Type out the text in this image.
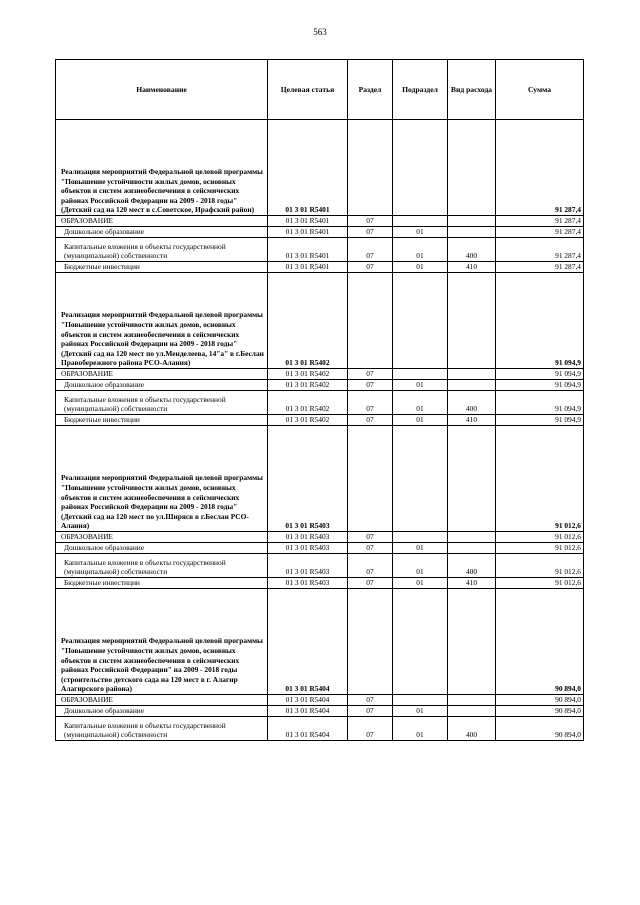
563
Наименование	Целевая статья	Раздел	Подраздел	Вид расхода	Сумма
Реализация мероприятий Федеральной целевой программы "Повышение устойчивости жилых домов, основных объектов и систем жизнеобеспечения в сейсмических районах Российской Федерации на 2009 - 2018 годы" (Детский сад на 120 мест в с.Советское, Ирафский район)	01 3 01 R5401				91 287,4
ОБРАЗОВАНИЕ	01 3 01 R5401	07			91 287,4
Дошкольное образование	01 3 01 R5401	07	01		91 287,4
Капитальные вложения в объекты государственной (муниципальной) собственности	01 3 01 R5401	07	01	400	91 287,4
Бюджетные инвестиции	01 3 01 R5401	07	01	410	91 287,4
Реализация мероприятий Федеральной целевой программы "Повышение устойчивости жилых домов, основных объектов и систем жизнеобеспечения в сейсмических районах Российской Федерации на 2009 - 2018 годы" (Детский сад на 120 мест по ул.Менделеева, 14"а" в г.Беслан Правобережного района РСО-Алания)	01 3 01 R5402				91 094,9
ОБРАЗОВАНИЕ	01 3 01 R5402	07			91 094,9
Дошкольное образование	01 3 01 R5402	07	01		91 094,9
Капитальные вложения в объекты государственной (муниципальной) собственности	01 3 01 R5402	07	01	400	91 094,9
Бюджетные инвестиции	01 3 01 R5402	07	01	410	91 094,9
Реализация мероприятий Федеральной целевой программы "Повышение устойчивости жилых домов, основных объектов и систем жизнеобеспечения в сейсмических районах Российской Федерации на 2009 - 2018 годы" (Детский сад на 120 мест по ул.Ширясв в г.Беслан РСО-Алания)	01 3 01 R5403				91 012,6
ОБРАЗОВАНИЕ	01 3 01 R5403	07			91 012,6
Дошкольное образование	01 3 01 R5403	07	01		91 012,6
Капитальные вложения в объекты государственной (муниципальной) собственности	01 3 01 R5403	07	01	400	91 012,6
Бюджетные инвестиции	01 3 01 R5403	07	01	410	91 012,6
Реализация мероприятий Федеральной целевой программы "Повышение устойчивости жилых домов, основных объектов и систем жизнеобеспечения в сейсмических районах Российской Федерации" на 2009 - 2018 годы (строительство детского сада на 120 мест в г. Алагир Алагирского района)	01 3 01 R5404				90 894,0
ОБРАЗОВАНИЕ	01 3 01 R5404	07			90 894,0
Дошкольное образование	01 3 01 R5404	07	01		90 894,0
Капитальные вложения в объекты государственной (муниципальной) собственности	01 3 01 R5404	07	01	400	90 894,0
